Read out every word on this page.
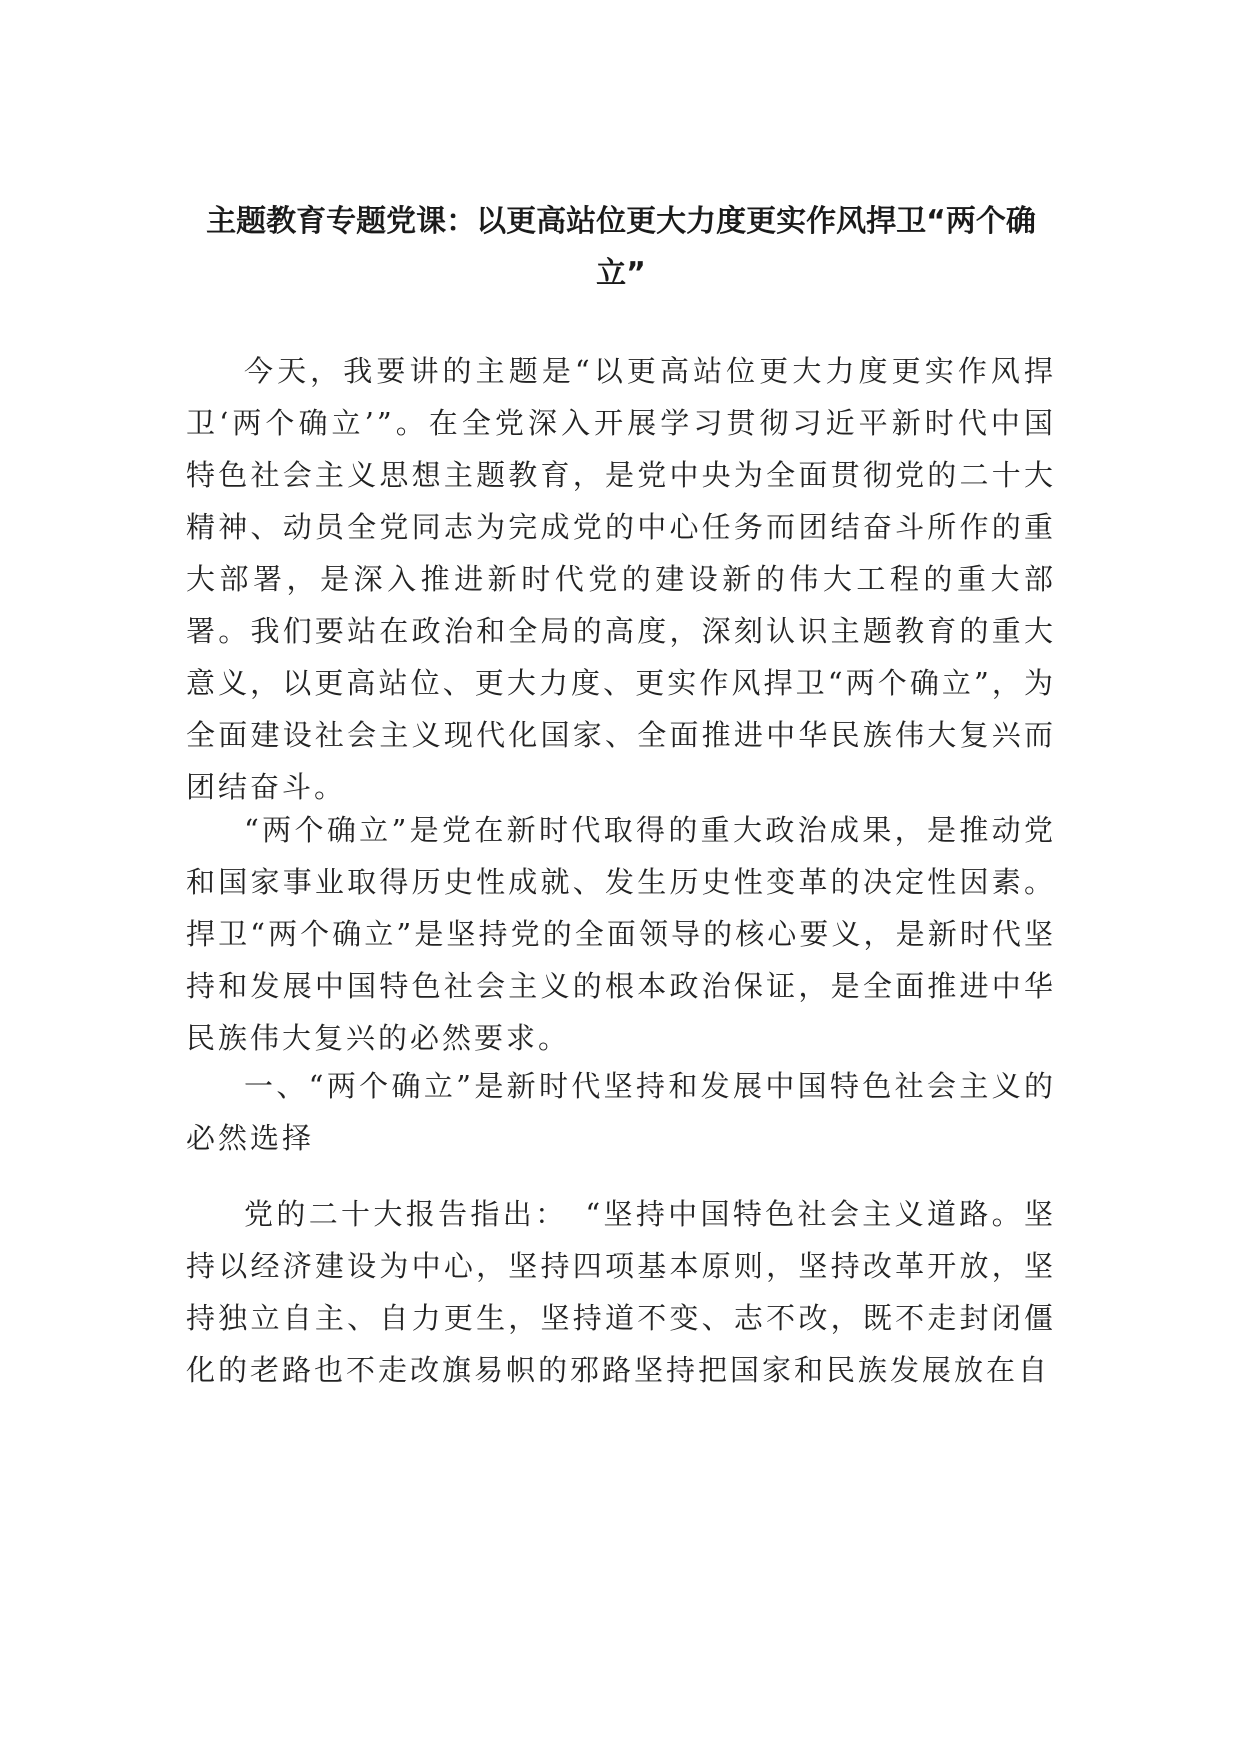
主题教育专题党课：以更高站位更大力度更实作风捍卫“两个确立”

今天，我要讲的主题是“以更高站位更大力度更实作风捍卫‘两个确立’”。在全党深入开展学习贯彻习近平新时代中国特色社会主义思想主题教育，是党中央为全面贯彻党的二十大精神、动员全党同志为完成党的中心任务而团结奋斗所作的重大部署，是深入推进新时代党的建设新的伟大工程的重大部署。我们要站在政治和全局的高度，深刻认识主题教育的重大意义，以更高站位、更大力度、更实作风捍卫“两个确立”，为全面建设社会主义现代化国家、全面推进中华民族伟大复兴而团结奋斗。

“两个确立”是党在新时代取得的重大政治成果，是推动党和国家事业取得历史性成就、发生历史性变革的决定性因素。捍卫“两个确立”是坚持党的全面领导的核心要义，是新时代坚持和发展中国特色社会主义的根本政治保证，是全面推进中华民族伟大复兴的必然要求。

一、“两个确立”是新时代坚持和发展中国特色社会主义的必然选择

党的二十大报告指出：　“坚持中国特色社会主义道路。坚持以经济建设为中心，坚持四项基本原则，坚持改革开放，坚持独立自主、自力更生，坚持道不变、志不改，既不走封闭僵化的老路也不走改旗易帜的邪路坚持把国家和民族发展放在自
